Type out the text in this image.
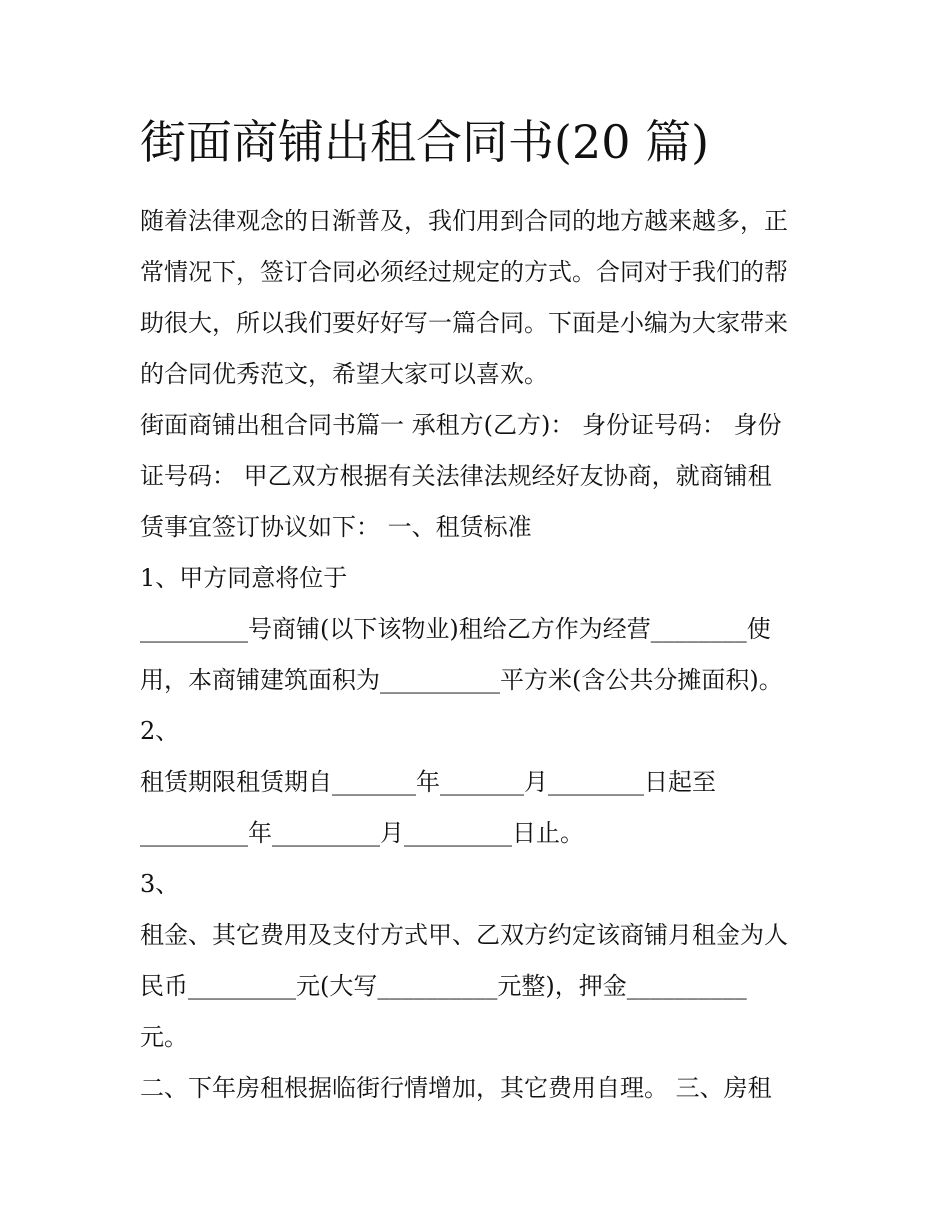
街面商铺出租合同书(20 篇)
随着法律观念的日渐普及，我们用到合同的地方越来越多，正
常情况下，签订合同必须经过规定的方式。合同对于我们的帮
助很大，所以我们要好好写一篇合同。下面是小编为大家带来
的合同优秀范文，希望大家可以喜欢。
街面商铺出租合同书篇一 承租方(乙方)： 身份证号码： 身份
证号码： 甲乙双方根据有关法律法规经好友协商，就商铺租
赁事宜签订协议如下： 一、租赁标准
1、甲方同意将位于
_________号商铺(以下该物业)租给乙方作为经营________使
用，本商铺建筑面积为__________平方米(含公共分摊面积)。
2、
租赁期限租赁期自_______年_______月________日起至
_________年_________月_________日止。
3、
租金、其它费用及支付方式甲、乙双方约定该商铺月租金为人
民币_________元(大写__________元整)，押金__________
元。
二、下年房租根据临街行情增加，其它费用自理。 三、房租
